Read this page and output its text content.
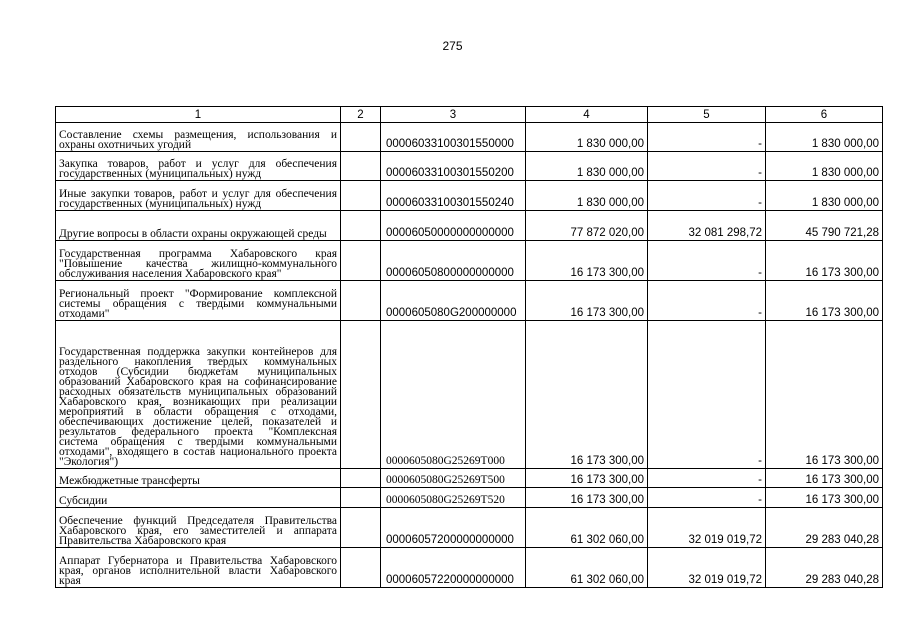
275
1	2	3	4	5	6
Составление схемы размещения, использования и охраны охотничьих угодий		00006033100301550000	1 830 000,00	-	1 830 000,00
Закупка товаров, работ и услуг для обеспечения государственных (муниципальных) нужд		00006033100301550200	1 830 000,00	-	1 830 000,00
Иные закупки товаров, работ и услуг для обеспечения государственных (муниципальных) нужд		00006033100301550240	1 830 000,00	-	1 830 000,00
Другие вопросы в области охраны окружающей среды		00006050000000000000	77 872 020,00	32 081 298,72	45 790 721,28
Государственная программа Хабаровского края "Повышение качества жилищно-коммунального обслуживания населения Хабаровского края"		00006050800000000000	16 173 300,00	-	16 173 300,00
Региональный проект "Формирование комплексной системы обращения с твердыми коммунальными отходами"		0000605080G200000000	16 173 300,00	-	16 173 300,00
Государственная поддержка закупки контейнеров для раздельного накопления твердых коммунальных отходов (Субсидии бюджетам муниципальных образований Хабаровского края на софинансирование расходных обязательств муниципальных образований Хабаровского края, возникающих при реализации мероприятий в области обращения с отходами, обеспечивающих достижение целей, показателей и результатов федерального проекта "Комплексная система обращения с твердыми коммунальными отходами", входящего в состав национального проекта "Экология")		0000605080G25269T000	16 173 300,00	-	16 173 300,00
Межбюджетные трансферты		0000605080G25269T500	16 173 300,00	-	16 173 300,00
Субсидии		0000605080G25269T520	16 173 300,00	-	16 173 300,00
Обеспечение функций Председателя Правительства Хабаровского края, его заместителей и аппарата Правительства Хабаровского края		00006057200000000000	61 302 060,00	32 019 019,72	29 283 040,28
Аппарат Губернатора и Правительства Хабаровского края, органов исполнительной власти Хабаровского края		00006057220000000000	61 302 060,00	32 019 019,72	29 283 040,28
